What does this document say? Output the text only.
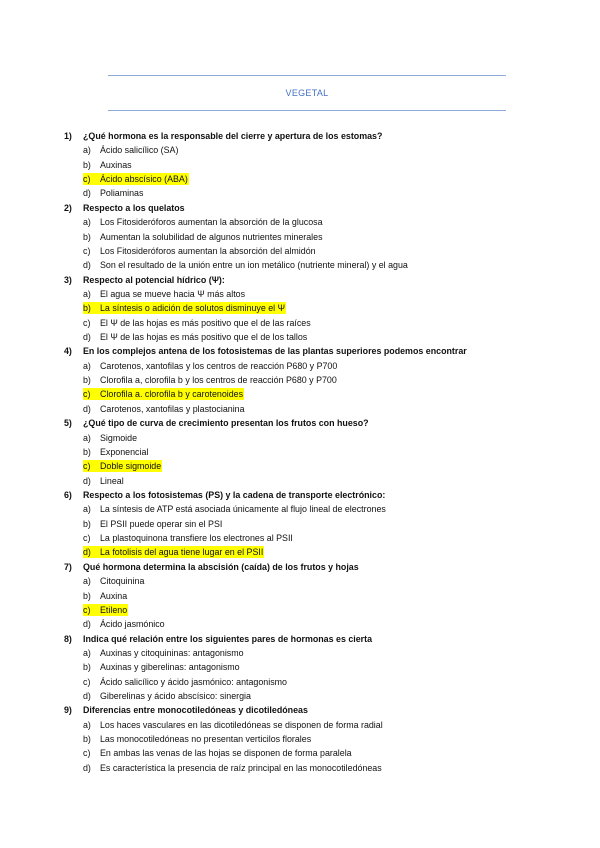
VEGETAL
1) ¿Qué hormona es la responsable del cierre y apertura de los estomas?
a) Ácido salicílico (SA)
b) Auxinas
c) Ácido abscísico (ABA)
d) Poliaminas
2) Respecto a los quelatos
a) Los Fitosideróforos aumentan la absorción de la glucosa
b) Aumentan la solubilidad de algunos nutrientes minerales
c) Los Fitosideróforos aumentan la absorción del almidón
d) Son el resultado de la unión entre un ion metálico (nutriente mineral) y el agua
3) Respecto al potencial hídrico (Ψ):
a) El agua se mueve hacia Ψ más altos
b) La síntesis o adición de solutos disminuye el Ψ
c) El Ψ de las hojas es más positivo que el de las raíces
d) El Ψ de las hojas es más positivo que el de los tallos
4) En los complejos antena de los fotosistemas de las plantas superiores podemos encontrar
a) Carotenos, xantofilas y los centros de reacción P680 y P700
b) Clorofila a, clorofila b y los centros de reacción P680 y P700
c) Clorofila a. clorofila b y carotenoides
d) Carotenos, xantofilas y plastocianina
5) ¿Qué tipo de curva de crecimiento presentan los frutos con hueso?
a) Sigmoide
b) Exponencial
c) Doble sigmoide
d) Lineal
6) Respecto a los fotosistemas (PS) y la cadena de transporte electrónico:
a) La síntesis de ATP está asociada únicamente al flujo lineal de electrones
b) El PSII puede operar sin el PSI
c) La plastoquinona transfiere los electrones al PSII
d) La fotolisis del agua tiene lugar en el PSII
7) Qué hormona determina la abscisión (caída) de los frutos y hojas
a) Citoquinina
b) Auxina
c) Etileno
d) Ácido jasmónico
8) Indica qué relación entre los siguientes pares de hormonas es cierta
a) Auxinas y citoquininas: antagonismo
b) Auxinas y giberelinas: antagonismo
c) Ácido salicílico y ácido jasmónico: antagonismo
d) Giberelinas y ácido abscísico: sinergia
9) Diferencias entre monocotiledóneas y dicotiledóneas
a) Los haces vasculares en las dicotiledóneas se disponen de forma radial
b) Las monocotiledóneas no presentan verticilos florales
c) En ambas las venas de las hojas se disponen de forma paralela
d) Es característica la presencia de raíz principal en las monocotiledóneas
